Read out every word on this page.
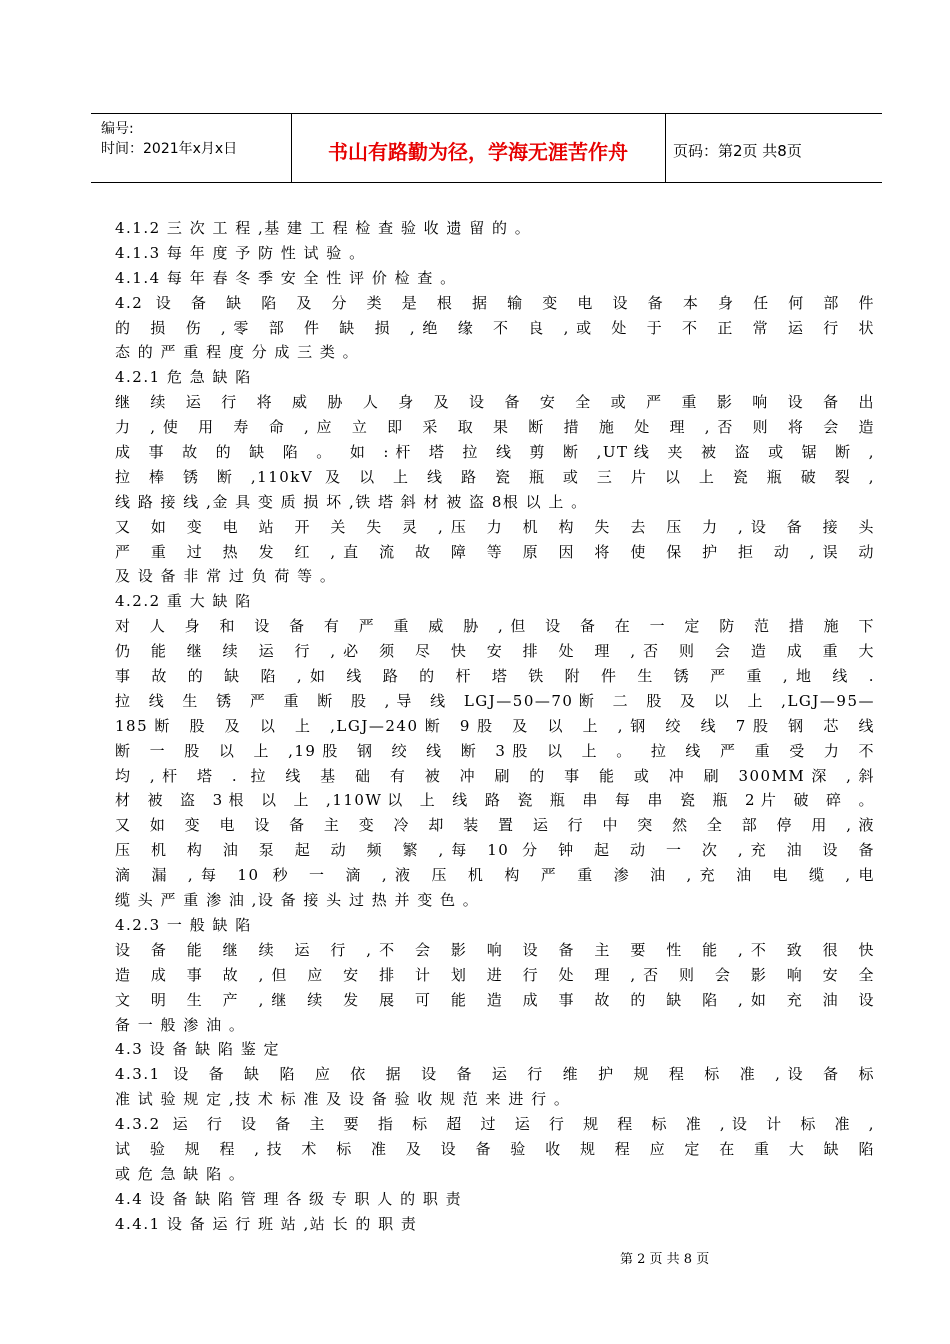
编号:
时间：2021年x月x日	书山有路勤为径，学海无涯苦作舟	页码：第2页 共8页
4.1.2 三 次 工 程 ,基 建 工 程 检 查 验 收 遗 留 的 。
4.1.3 每 年 度 予 防 性 试 验 。
4.1.4 每 年 春 冬 季 安 全 性 评 价 检 查 。
4.2 设 备 缺 陷 及 分 类 是 根 据 输 变 电 设 备 本 身 任 何 部 件
的 损 伤 ,零 部 件 缺 损 ,绝 缘 不 良 ,或 处 于 不 正 常 运 行 状
态 的 严 重 程 度 分 成 三 类 。
4.2.1 危 急 缺 陷
继 续 运 行 将 威 胁 人 身 及 设 备 安 全 或 严 重 影 响 设 备 出
力 ,使 用 寿 命 ,应 立 即 采 取 果 断 措 施 处 理 ,否 则 将 会 造
成 事 故 的 缺 陷 。 如 :杆 塔 拉 线 剪 断 ,UT线 夹 被 盗 或 锯 断 ,
拉 棒 锈 断 ,110kV 及 以 上 线 路 瓷 瓶 或 三 片 以 上 瓷 瓶 破 裂 ,
线 路 接 线 ,金 具 变 质 损 坏 ,铁 塔 斜 材 被 盗 8根 以 上 。
又 如 变 电 站 开 关 失 灵 ,压 力 机 构 失 去 压 力 ,设 备 接 头
严 重 过 热 发 红 ,直 流 故 障 等 原 因 将 使 保 护 拒 动 ,误 动
及 设 备 非 常 过 负 荷 等 。
4.2.2 重 大 缺 陷
对 人 身 和 设 备 有 严 重 威 胁 ,但 设 备 在 一 定 防 范 措 施 下
仍 能 继 续 运 行 ,必 须 尽 快 安 排 处 理 ,否 则 会 造 成 重 大
事 故 的 缺 陷 ,如 线 路 的 杆 塔 铁 附 件 生 锈 严 重 ,地 线 .
拉 线 生 锈 严 重 断 股 ,导 线 LGJ—50—70断 二 股 及 以 上 ,LGJ—95—
185断 股 及 以 上 ,LGJ—240断 9股 及 以 上 ,钢 绞 线 7股 钢 芯 线
断 一 股 以 上 ,19股 钢 绞 线 断 3股 以 上 。 拉 线 严 重 受 力 不
均 ,杆 塔 . 拉 线 基 础 有 被 冲 刷 的 事 能 或 冲 刷 300MM深 ,斜
材 被 盗 3根 以 上 ,110W以 上 线 路 瓷 瓶 串 每 串 瓷 瓶 2片 破 碎 。
又 如 变 电 设 备 主 变 冷 却 装 置 运 行 中 突 然 全 部 停 用 ,液
压 机 构 油 泵 起 动 频 繁 ,每 10 分 钟 起 动 一 次 ,充 油 设 备
滴 漏 ,每 10 秒 一 滴 ,液 压 机 构 严 重 渗 油 ,充 油 电 缆 ,电
缆 头 严 重 渗 油 ,设 备 接 头 过 热 并 变 色 。
4.2.3 一 般 缺 陷
设 备 能 继 续 运 行 ,不 会 影 响 设 备 主 要 性 能 ,不 致 很 快
造 成 事 故 ,但 应 安 排 计 划 进 行 处 理 ,否 则 会 影 响 安 全
文 明 生 产 ,继 续 发 展 可 能 造 成 事 故 的 缺 陷 ,如 充 油 设
备 一 般 渗 油 。
4.3 设 备 缺 陷 鉴 定
4.3.1 设 备 缺 陷 应 依 据 设 备 运 行 维 护 规 程 标 准 ,设 备 标
准 试 验 规 定 ,技 术 标 准 及 设 备 验 收 规 范 来 进 行 。
4.3.2 运 行 设 备 主 要 指 标 超 过 运 行 规 程 标 准 ,设 计 标 准 ,
试 验 规 程 ,技 术 标 准 及 设 备 验 收 规 程 应 定 在 重 大 缺 陷
或 危 急 缺 陷 。
4.4 设 备 缺 陷 管 理 各 级 专 职 人 的 职 责
4.4.1 设 备 运 行 班 站 ,站 长 的 职 责
第 2 页 共 8 页
